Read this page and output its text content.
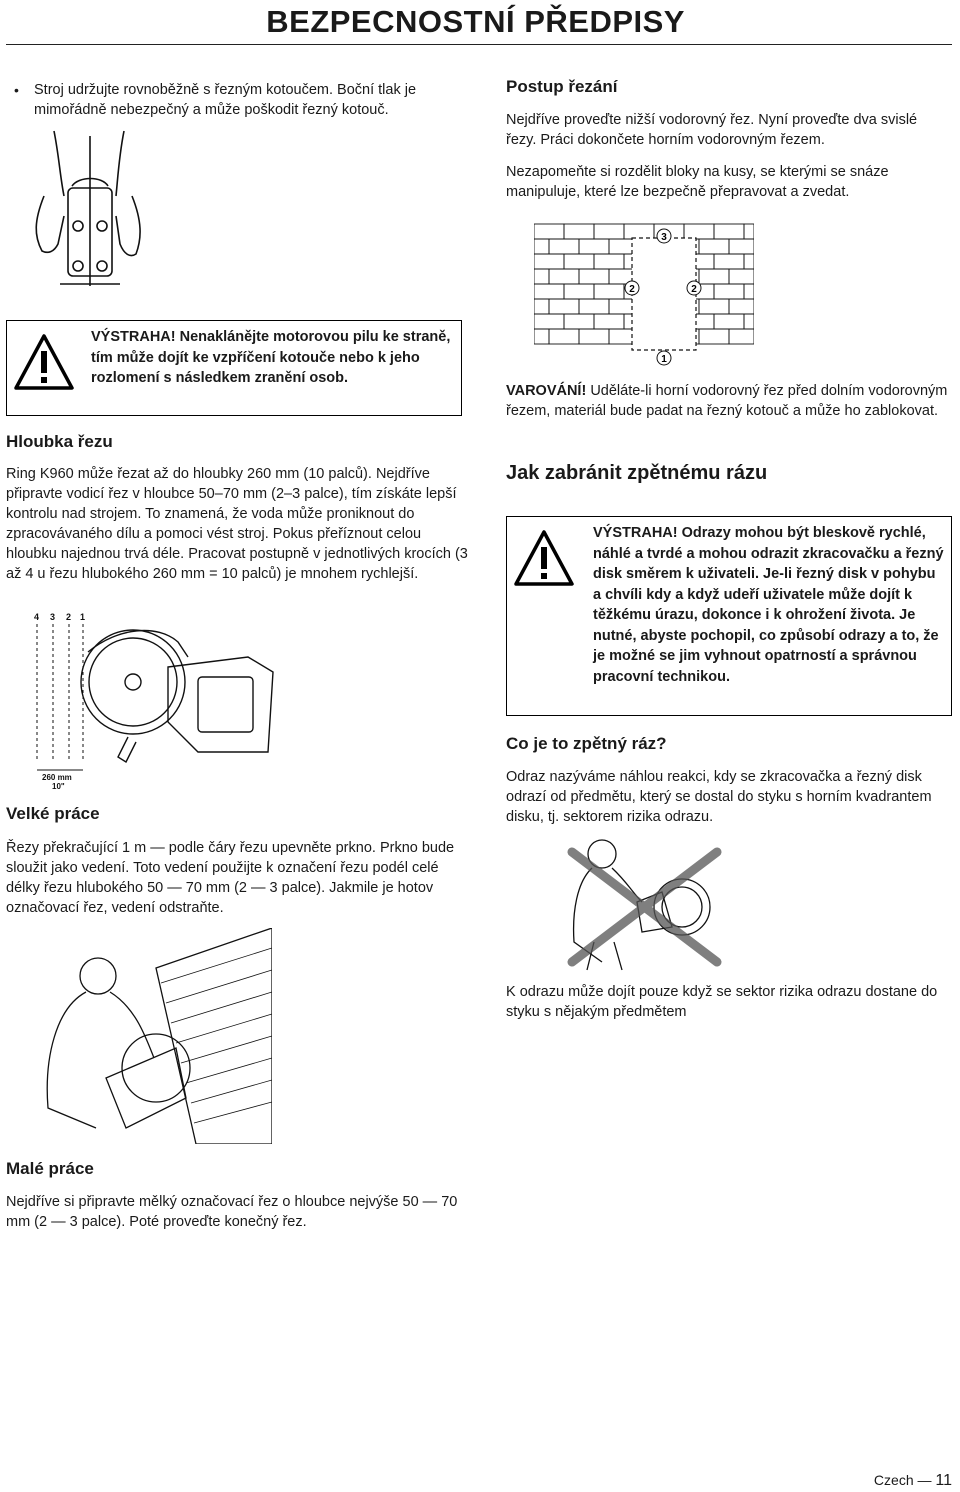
BEZPECNOSTNÍ PŘEDPISY
• Stroj udržujte rovnoběžně s řezným kotoučem. Boční tlak je mimořádně nebezpečný a může poškodit řezný kotouč.
VÝSTRAHA! Nenaklánějte motorovou pilu ke straně, tím může dojít ke vzpříčení kotouče nebo k jeho rozlomení s následkem zranění osob.
Hloubka řezu
Ring K960 může řezat až do hloubky 260 mm (10 palců). Nejdříve připravte vodicí řez v hloubce 50–70 mm (2–3 palce), tím získáte lepší kontrolu nad strojem. To znamená, že voda může proniknout do zpracovávaného dílu a pomoci vést stroj. Pokus přeříznout celou hloubku najednou trvá déle. Pracovat postupně v jednotlivých krocích (3 až 4 u řezu hlubokého 260 mm = 10 palců) je mnohem rychlejší.
4 3 2 1
260 mm
10"
Velké práce
Řezy překračující 1 m — podle čáry řezu upevněte prkno. Prkno bude sloužit jako vedení. Toto vedení použijte k označení řezu podél celé délky řezu hlubokého 50 — 70 mm (2 — 3 palce). Jakmile je hotov označovací řez, vedení odstraňte.
Malé práce
Nejdříve si připravte mělký označovací řez o hloubce nejvýše 50 — 70 mm (2 — 3 palce). Poté proveďte konečný řez.
Postup řezání
Nejdříve proveďte nižší vodorovný řez. Nyní proveďte dva svislé řezy. Práci dokončete horním vodorovným řezem.
Nezapomeňte si rozdělit bloky na kusy, se kterými se snáze manipuluje, které lze bezpečně přepravovat a zvedat.
3
2	2
1
VAROVÁNÍ! Uděláte-li horní vodorovný řez před dolním vodorovným řezem, materiál bude padat na řezný kotouč a může ho zablokovat.
Jak zabránit zpětnému rázu
VÝSTRAHA! Odrazy mohou být bleskově rychlé, náhlé a tvrdé a mohou odrazit zkracovačku a řezný disk směrem k uživateli. Je-li řezný disk v pohybu a chvíli kdy a když udeří uživatele může dojít k těžkému úrazu, dokonce i k ohrožení života. Je nutné, abyste pochopil, co způsobí odrazy a to, že je možné se jim vyhnout opatrností a správnou pracovní technikou.
Co je to zpětný ráz?
Odraz nazýváme náhlou reakci, kdy se zkracovačka a řezný disk odrazí od předmětu, který se dostal do styku s horním kvadrantem disku, tj. sektorem rizika odrazu.
K odrazu může dojít pouze když se sektor rizika odrazu dostane do styku s nějakým předmětem
Czech — 11
